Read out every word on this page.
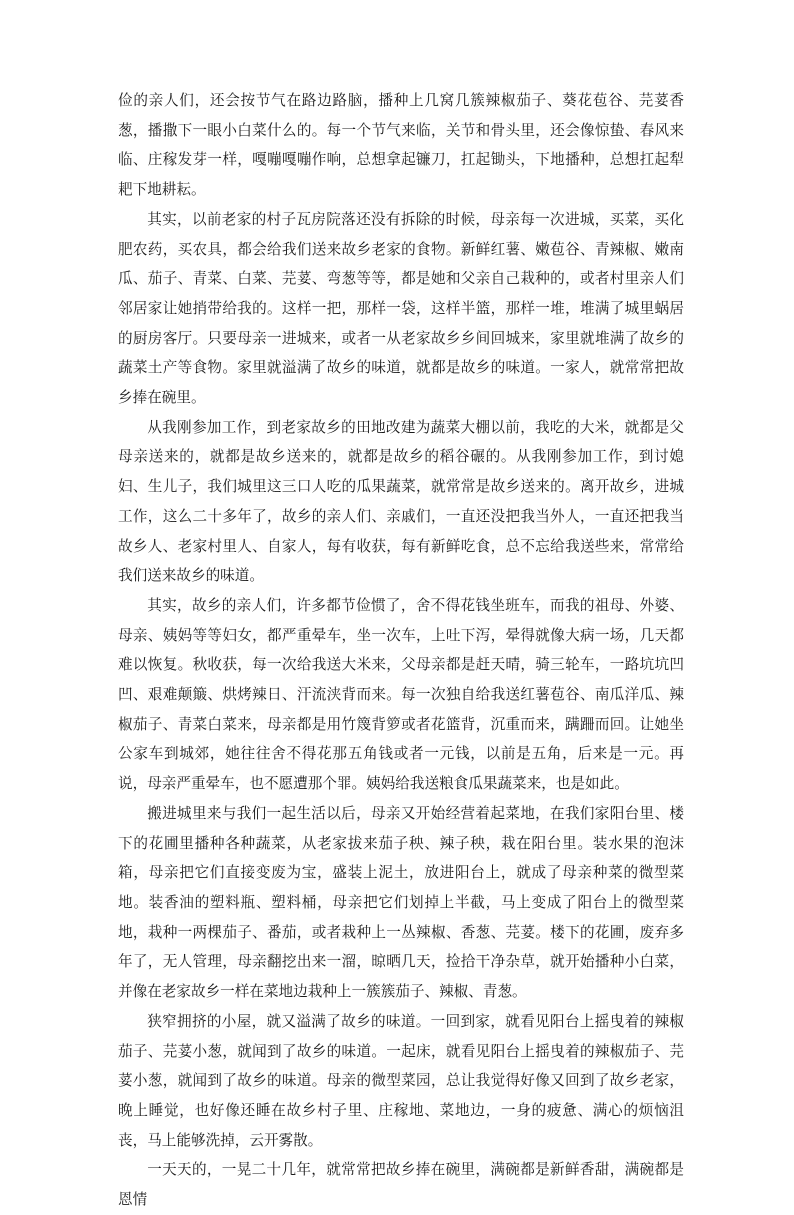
俭的亲人们，还会按节气在路边路脑，播种上几窝几簇辣椒茄子、葵花苞谷、芫荽香葱，播撒下一眼小白菜什么的。每一个节气来临，关节和骨头里，还会像惊蛰、春风来临、庄稼发芽一样，嘎嘣嘎嘣作响，总想拿起镰刀，扛起锄头，下地播种，总想扛起犁耙下地耕耘。

其实，以前老家的村子瓦房院落还没有拆除的时候，母亲每一次进城，买菜，买化肥农药，买农具，都会给我们送来故乡老家的食物。新鲜红薯、嫩苞谷、青辣椒、嫩南瓜、茄子、青菜、白菜、芫荽、弯葱等等，都是她和父亲自己栽种的，或者村里亲人们邻居家让她捎带给我的。这样一把，那样一袋，这样半篮，那样一堆，堆满了城里蜗居的厨房客厅。只要母亲一进城来，或者一从老家故乡乡间回城来，家里就堆满了故乡的蔬菜土产等食物。家里就溢满了故乡的味道，就都是故乡的味道。一家人，就常常把故乡捧在碗里。

从我刚参加工作，到老家故乡的田地改建为蔬菜大棚以前，我吃的大米，就都是父母亲送来的，就都是故乡送来的，就都是故乡的稻谷碾的。从我刚参加工作，到讨媳妇、生儿子，我们城里这三口人吃的瓜果蔬菜，就常常是故乡送来的。离开故乡，进城工作，这么二十多年了，故乡的亲人们、亲戚们，一直还没把我当外人，一直还把我当故乡人、老家村里人、自家人，每有收获，每有新鲜吃食，总不忘给我送些来，常常给我们送来故乡的味道。

其实，故乡的亲人们，许多都节俭惯了，舍不得花钱坐班车，而我的祖母、外婆、母亲、姨妈等等妇女，都严重晕车，坐一次车，上吐下泻，晕得就像大病一场，几天都难以恢复。秋收获，每一次给我送大米来，父母亲都是赶天晴，骑三轮车，一路坑坑凹凹、艰难颠簸、烘烤辣日、汗流浃背而来。每一次独自给我送红薯苞谷、南瓜洋瓜、辣椒茄子、青菜白菜来，母亲都是用竹篾背箩或者花篮背，沉重而来，蹒跚而回。让她坐公家车到城郊，她往往舍不得花那五角钱或者一元钱，以前是五角，后来是一元。再说，母亲严重晕车，也不愿遭那个罪。姨妈给我送粮食瓜果蔬菜来，也是如此。

搬进城里来与我们一起生活以后，母亲又开始经营着起菜地，在我们家阳台里、楼下的花圃里播种各种蔬菜，从老家拔来茄子秧、辣子秧，栽在阳台里。装水果的泡沫箱，母亲把它们直接变废为宝，盛装上泥土，放进阳台上，就成了母亲种菜的微型菜地。装香油的塑料瓶、塑料桶，母亲把它们划掉上半截，马上变成了阳台上的微型菜地，栽种一两棵茄子、番茄，或者栽种上一丛辣椒、香葱、芫荽。楼下的花圃，废弃多年了，无人管理，母亲翻挖出来一溜，晾晒几天，捡拾干净杂草，就开始播种小白菜，并像在老家故乡一样在菜地边栽种上一簇簇茄子、辣椒、青葱。

狭窄拥挤的小屋，就又溢满了故乡的味道。一回到家，就看见阳台上摇曳着的辣椒茄子、芫荽小葱，就闻到了故乡的味道。一起床，就看见阳台上摇曳着的辣椒茄子、芫荽小葱，就闻到了故乡的味道。母亲的微型菜园，总让我觉得好像又回到了故乡老家，晚上睡觉，也好像还睡在故乡村子里、庄稼地、菜地边，一身的疲惫、满心的烦恼沮丧，马上能够洗掉，云开雾散。

一天天的，一晃二十几年，就常常把故乡捧在碗里，满碗都是新鲜香甜，满碗都是恩情
